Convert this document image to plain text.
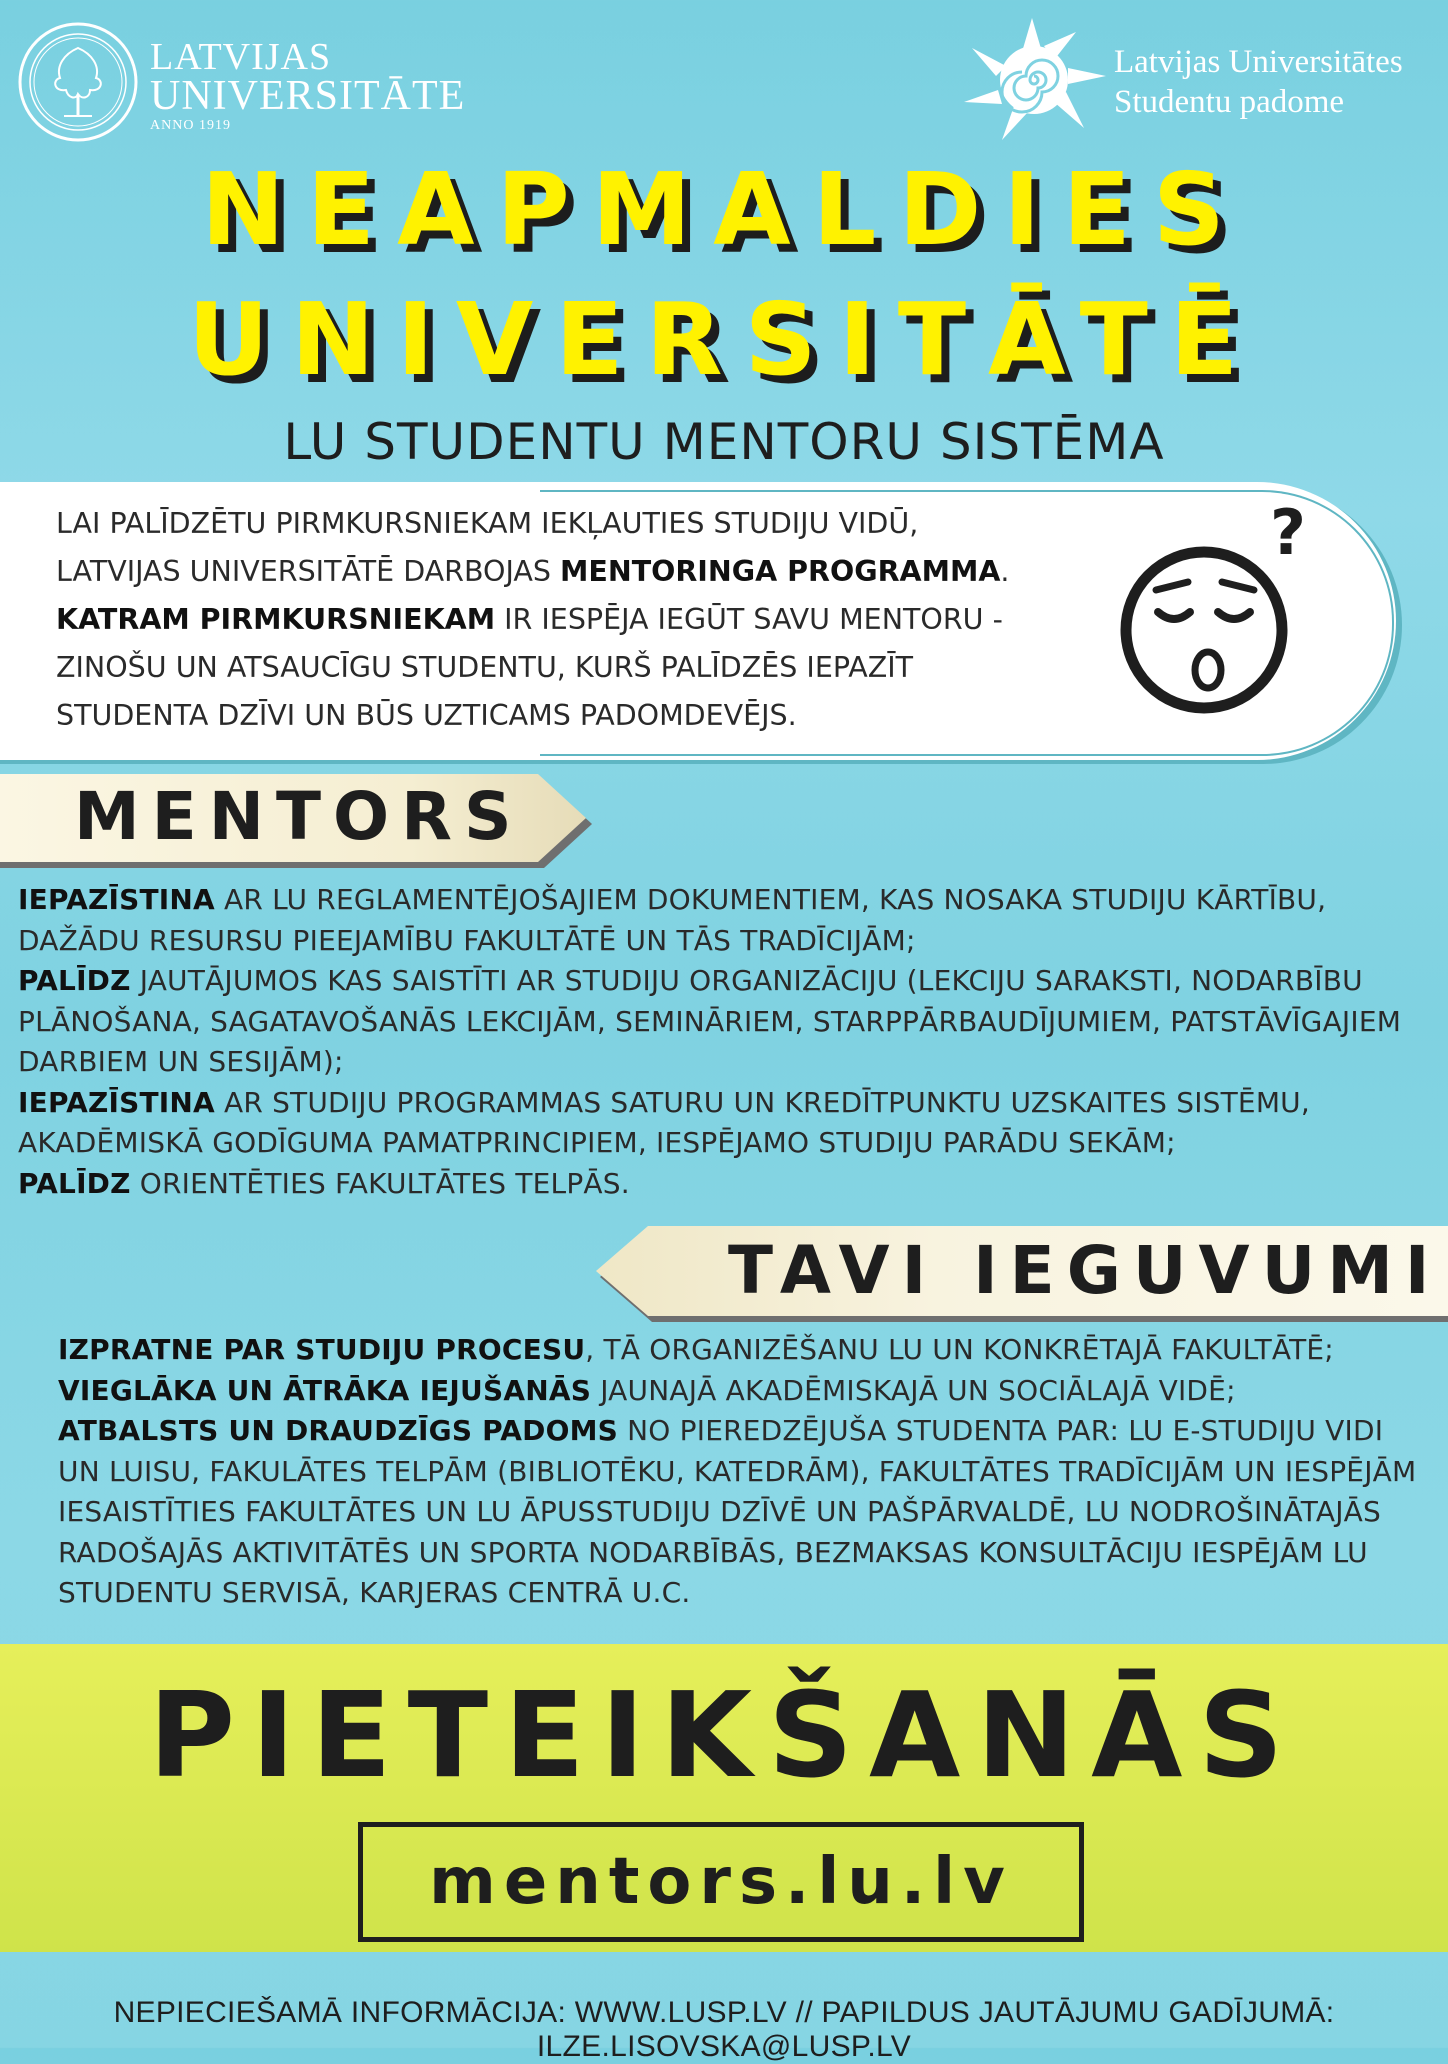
LATVIJAS
UNIVERSITĀTE
ANNO 1919
Latvijas Universitātes
Studentu padome
NEAPMALDIES
UNIVERSITĀTĒ
LU STUDENTU MENTORU SISTĒMA
LAI PALĪDZĒTU PIRMKURSNIEKAM IEKĻAUTIES STUDIJU VIDŪ,
LATVIJAS UNIVERSITĀTĒ DARBOJAS MENTORINGA PROGRAMMA.
KATRAM PIRMKURSNIEKAM IR IESPĒJA IEGŪT SAVU MENTORU -
ZINOŠU UN ATSAUCĪGU STUDENTU, KURŠ PALĪDZĒS IEPAZĪT
STUDENTA DZĪVI UN BŪS UZTICAMS PADOMDEVĒJS.
?
MENTORS
IEPAZĪSTINA AR LU REGLAMENTĒJOŠAJIEM DOKUMENTIEM, KAS NOSAKA STUDIJU KĀRTĪBU, DAŽĀDU RESURSU PIEEJAMĪBU FAKULTĀTĒ UN TĀS TRADĪCIJĀM;
PALĪDZ JAUTĀJUMOS KAS SAISTĪTI AR STUDIJU ORGANIZĀCIJU (LEKCIJU SARAKSTI, NODARBĪBU PLĀNOŠANA, SAGATAVOŠANĀS LEKCIJĀM, SEMINĀRIEM, STARPPĀRBAUDĪJUMIEM, PATSTĀVĪGAJIEM DARBIEM UN SESIJĀM);
IEPAZĪSTINA AR STUDIJU PROGRAMMAS SATURU UN KREDĪTPUNKTU UZSKAITES SISTĒMU, AKADĒMISKĀ GODĪGUMA PAMATPRINCIPIEM, IESPĒJAMO STUDIJU PARĀDU SEKĀM;
PALĪDZ ORIENTĒTIES FAKULTĀTES TELPĀS.
TAVI IEGUVUMI
IZPRATNE PAR STUDIJU PROCESU, TĀ ORGANIZĒŠANU LU UN KONKRĒTAJĀ FAKULTĀTĒ;
VIEGLĀKA UN ĀTRĀKA IEJUŠANĀS JAUNAJĀ AKADĒMISKAJĀ UN SOCIĀLAJĀ VIDĒ;
ATBALSTS UN DRAUDZĪGS PADOMS NO PIEREDZĒJUŠA STUDENTA PAR: LU E-STUDIJU VIDI UN LUISU, FAKULĀTES TELPĀM (BIBLIOTĒKU, KATEDRĀM), FAKULTĀTES TRADĪCIJĀM UN IESPĒJĀM IESAISTĪTIES FAKULTĀTES UN LU ĀPUSSTUDIJU DZĪVĒ UN PAŠPĀRVALDĒ, LU NODROŠINĀTAJĀS RADOŠAJĀS AKTIVITĀTĒS UN SPORTA NODARBĪBĀS, BEZMAKSAS KONSULTĀCIJU IESPĒJĀM LU STUDENTU SERVISĀ, KARJERAS CENTRĀ U.C.
PIETEIKŠANĀS
mentors.lu.lv
NEPIECIEŠAMĀ INFORMĀCIJA: WWW.LUSP.LV // PAPILDUS JAUTĀJUMU GADĪJUMĀ: ILZE.LISOVSKA@LUSP.LV
